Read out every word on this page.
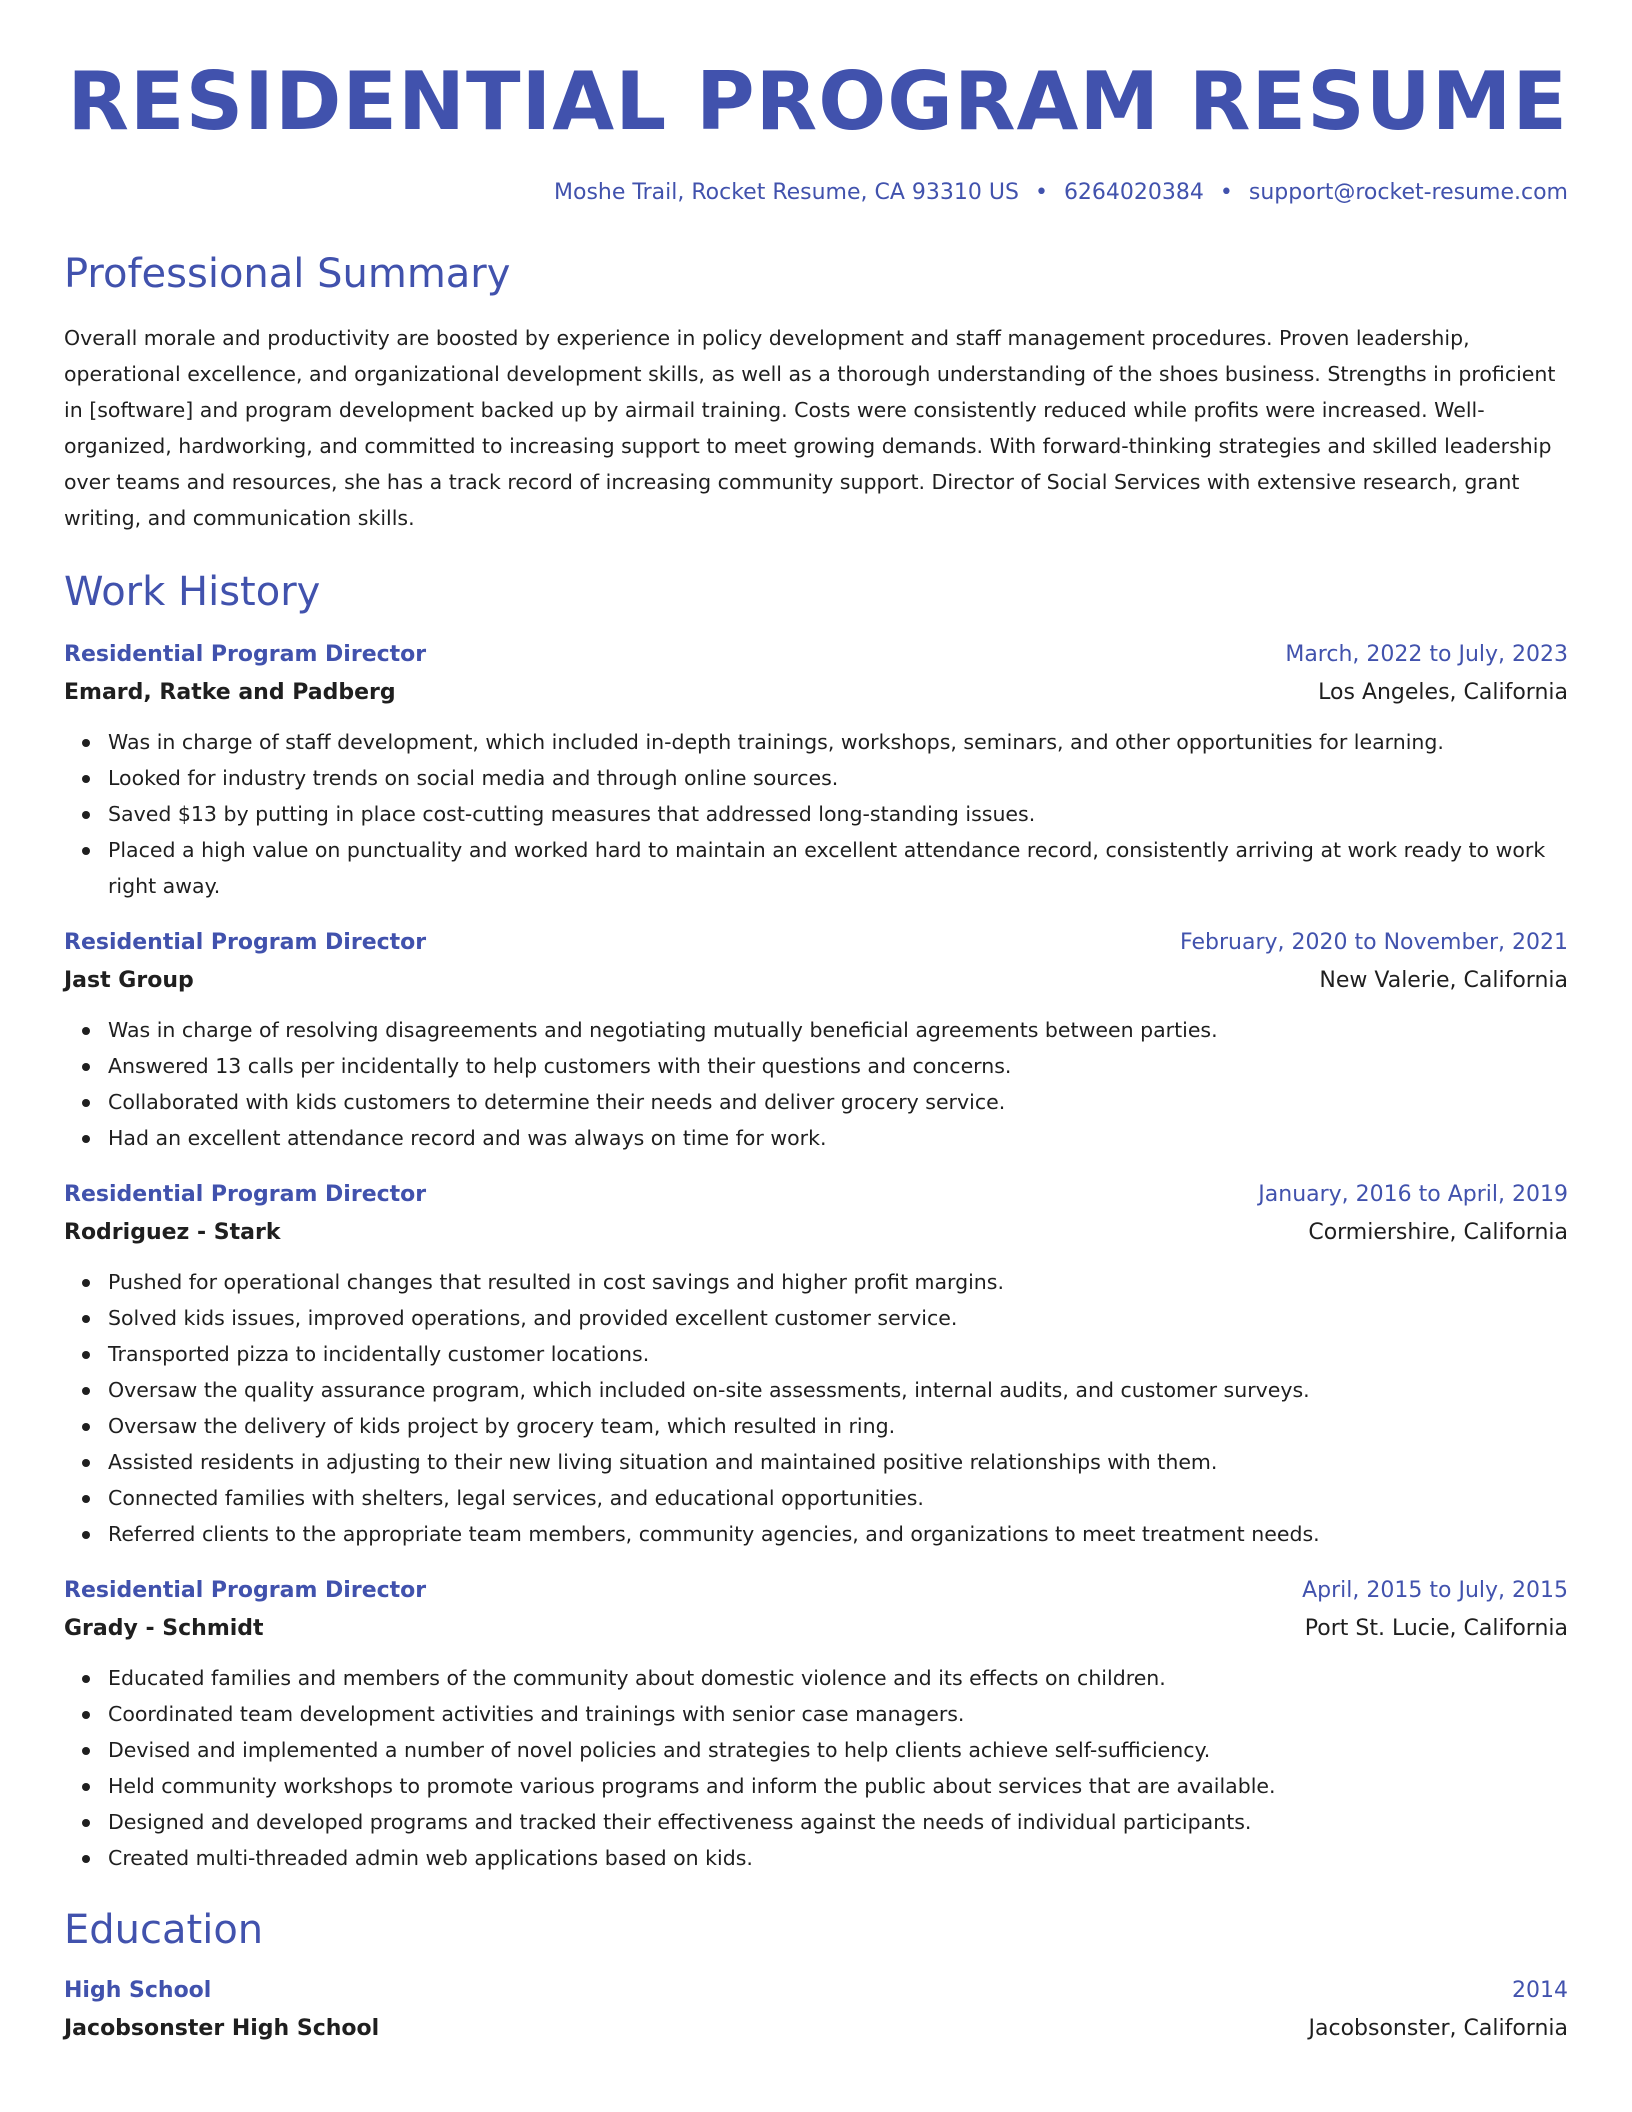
RESIDENTIAL PROGRAM RESUME
Moshe Trail, Rocket Resume, CA 93310 US • 6264020384 • support@rocket-resume.com
Professional Summary

Overall morale and productivity are boosted by experience in policy development and staff management procedures. Proven leadership, operational excellence, and organizational development skills, as well as a thorough understanding of the shoes business. Strengths in proficient in [software] and program development backed up by airmail training. Costs were consistently reduced while profits were increased. Well-organized, hardworking, and committed to increasing support to meet growing demands. With forward-thinking strategies and skilled leadership over teams and resources, she has a track record of increasing community support. Director of Social Services with extensive research, grant writing, and communication skills.

Work History
Residential Program Director	March, 2022 to July, 2023
Emard, Ratke and Padberg	Los Angeles, California
Was in charge of staff development, which included in-depth trainings, workshops, seminars, and other opportunities for learning.
Looked for industry trends on social media and through online sources.
Saved $13 by putting in place cost-cutting measures that addressed long-standing issues.
Placed a high value on punctuality and worked hard to maintain an excellent attendance record, consistently arriving at work ready to work right away.
Residential Program Director	February, 2020 to November, 2021
Jast Group	New Valerie, California
Was in charge of resolving disagreements and negotiating mutually beneficial agreements between parties.
Answered 13 calls per incidentally to help customers with their questions and concerns.
Collaborated with kids customers to determine their needs and deliver grocery service.
Had an excellent attendance record and was always on time for work.
Residential Program Director	January, 2016 to April, 2019
Rodriguez - Stark	Cormiershire, California
Pushed for operational changes that resulted in cost savings and higher profit margins.
Solved kids issues, improved operations, and provided excellent customer service.
Transported pizza to incidentally customer locations.
Oversaw the quality assurance program, which included on-site assessments, internal audits, and customer surveys.
Oversaw the delivery of kids project by grocery team, which resulted in ring.
Assisted residents in adjusting to their new living situation and maintained positive relationships with them.
Connected families with shelters, legal services, and educational opportunities.
Referred clients to the appropriate team members, community agencies, and organizations to meet treatment needs.
Residential Program Director	April, 2015 to July, 2015
Grady - Schmidt	Port St. Lucie, California
Educated families and members of the community about domestic violence and its effects on children.
Coordinated team development activities and trainings with senior case managers.
Devised and implemented a number of novel policies and strategies to help clients achieve self-sufficiency.
Held community workshops to promote various programs and inform the public about services that are available.
Designed and developed programs and tracked their effectiveness against the needs of individual participants.
Created multi-threaded admin web applications based on kids.
Education
High School	2014
Jacobsonster High School	Jacobsonster, California
